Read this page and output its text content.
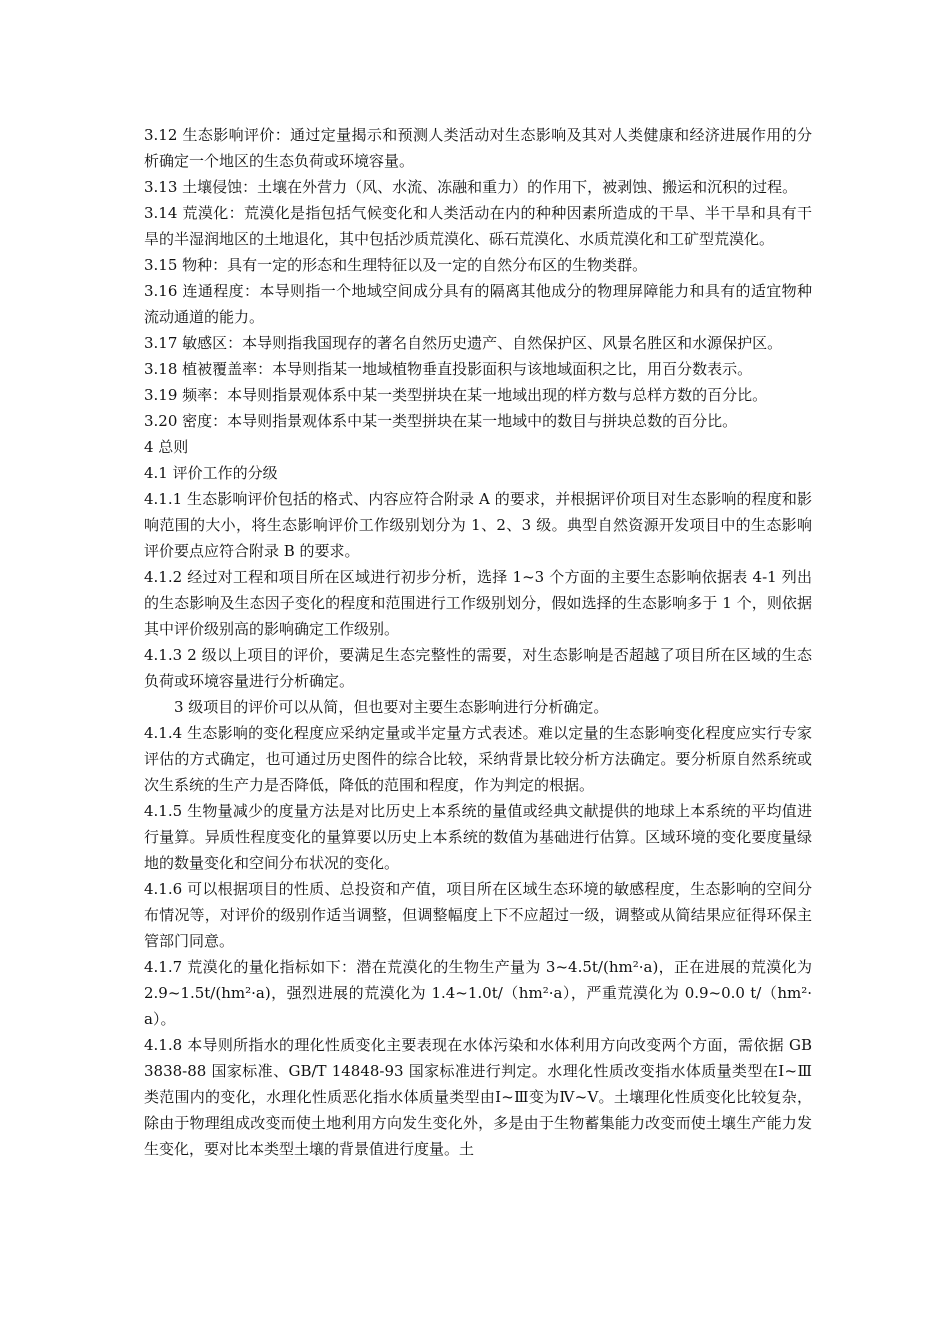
3.12 生态影响评价：通过定量揭示和预测人类活动对生态影响及其对人类健康和经济进展作用的分析确定一个地区的生态负荷或环境容量。

3.13 土壤侵蚀：土壤在外营力（风、水流、冻融和重力）的作用下，被剥蚀、搬运和沉积的过程。

3.14 荒漠化：荒漠化是指包括气候变化和人类活动在内的种种因素所造成的干旱、半干旱和具有干旱的半湿润地区的土地退化，其中包括沙质荒漠化、砾石荒漠化、水质荒漠化和工矿型荒漠化。

3.15 物种：具有一定的形态和生理特征以及一定的自然分布区的生物类群。

3.16 连通程度：本导则指一个地域空间成分具有的隔离其他成分的物理屏障能力和具有的适宜物种流动通道的能力。

3.17 敏感区：本导则指我国现存的著名自然历史遗产、自然保护区、风景名胜区和水源保护区。

3.18 植被覆盖率：本导则指某一地域植物垂直投影面积与该地域面积之比，用百分数表示。

3.19 频率：本导则指景观体系中某一类型拼块在某一地域出现的样方数与总样方数的百分比。

3.20 密度：本导则指景观体系中某一类型拼块在某一地域中的数目与拼块总数的百分比。

4 总则

4.1 评价工作的分级

4.1.1 生态影响评价包括的格式、内容应符合附录 A 的要求，并根据评价项目对生态影响的程度和影响范围的大小，将生态影响评价工作级别划分为 1、2、3 级。典型自然资源开发项目中的生态影响评价要点应符合附录 B 的要求。

4.1.2 经过对工程和项目所在区域进行初步分析，选择 1~3 个方面的主要生态影响依据表 4-1 列出的生态影响及生态因子变化的程度和范围进行工作级别划分，假如选择的生态影响多于 1 个，则依据其中评价级别高的影响确定工作级别。

4.1.3 2 级以上项目的评价，要满足生态完整性的需要，对生态影响是否超越了项目所在区域的生态负荷或环境容量进行分析确定。

3 级项目的评价可以从简，但也要对主要生态影响进行分析确定。

4.1.4 生态影响的变化程度应采纳定量或半定量方式表述。难以定量的生态影响变化程度应实行专家评估的方式确定，也可通过历史图件的综合比较，采纳背景比较分析方法确定。要分析原自然系统或次生系统的生产力是否降低，降低的范围和程度，作为判定的根据。

4.1.5 生物量减少的度量方法是对比历史上本系统的量值或经典文献提供的地球上本系统的平均值进行量算。异质性程度变化的量算要以历史上本系统的数值为基础进行估算。区域环境的变化要度量绿地的数量变化和空间分布状况的变化。

4.1.6 可以根据项目的性质、总投资和产值，项目所在区域生态环境的敏感程度，生态影响的空间分布情况等，对评价的级别作适当调整，但调整幅度上下不应超过一级，调整或从简结果应征得环保主管部门同意。

4.1.7 荒漠化的量化指标如下：潜在荒漠化的生物生产量为 3~4.5t/(hm²·a)，正在进展的荒漠化为 2.9~1.5t/(hm²·a)，强烈进展的荒漠化为 1.4~1.0t/（hm²·a），严重荒漠化为 0.9~0.0 t/（hm²·a）。

4.1.8 本导则所指水的理化性质变化主要表现在水体污染和水体利用方向改变两个方面，需依据 GB 3838-88 国家标准、GB/T 14848-93 国家标准进行判定。水理化性质改变指水体质量类型在Ⅰ~Ⅲ类范围内的变化，水理化性质恶化指水体质量类型由Ⅰ~Ⅲ变为Ⅳ~Ⅴ。土壤理化性质变化比较复杂，除由于物理组成改变而使土地利用方向发生变化外，多是由于生物蓄集能力改变而使土壤生产能力发生变化，要对比本类型土壤的背景值进行度量。土
